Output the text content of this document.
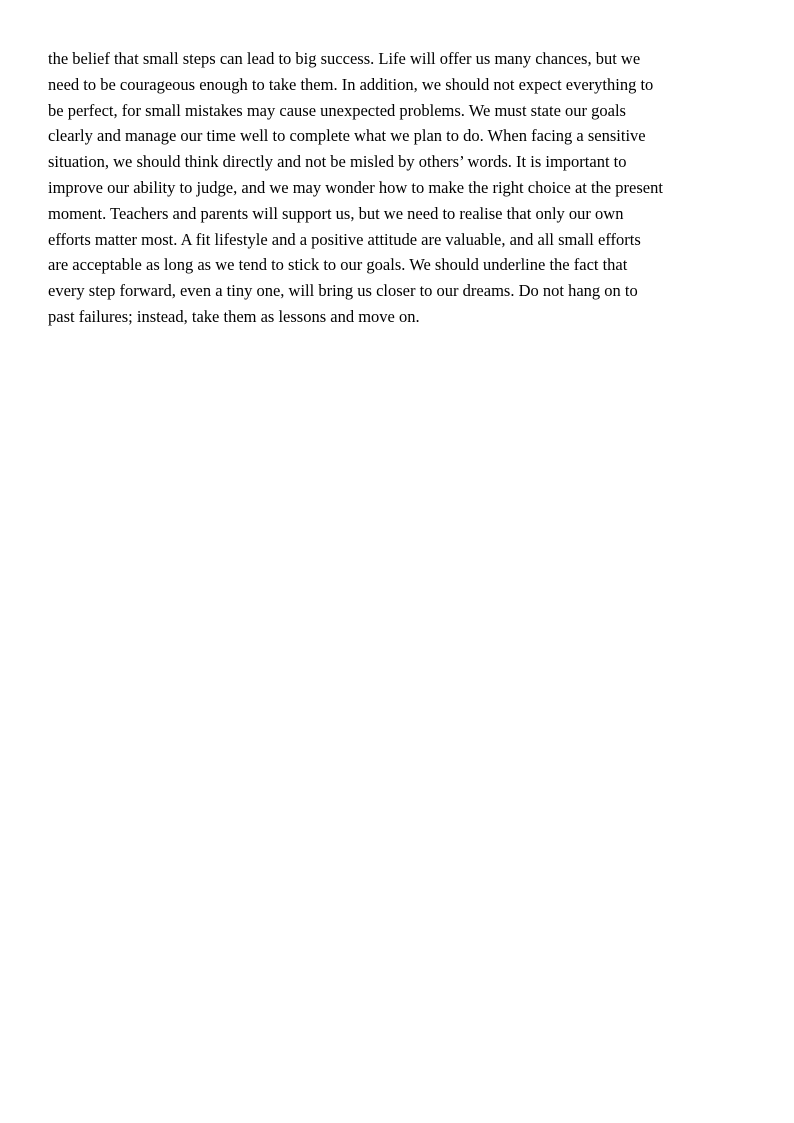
the belief that small steps can lead to big success. Life will offer us many chances, but we
need to be courageous enough to take them. In addition, we should not expect everything to
be perfect, for small mistakes may cause unexpected problems. We must state our goals
clearly and manage our time well to complete what we plan to do. When facing a sensitive
situation, we should think directly and not be misled by others’ words. It is important to
improve our ability to judge, and we may wonder how to make the right choice at the present
moment. Teachers and parents will support us, but we need to realise that only our own
efforts matter most. A fit lifestyle and a positive attitude are valuable, and all small efforts
are acceptable as long as we tend to stick to our goals. We should underline the fact that
every step forward, even a tiny one, will bring us closer to our dreams. Do not hang on to
past failures; instead, take them as lessons and move on.
